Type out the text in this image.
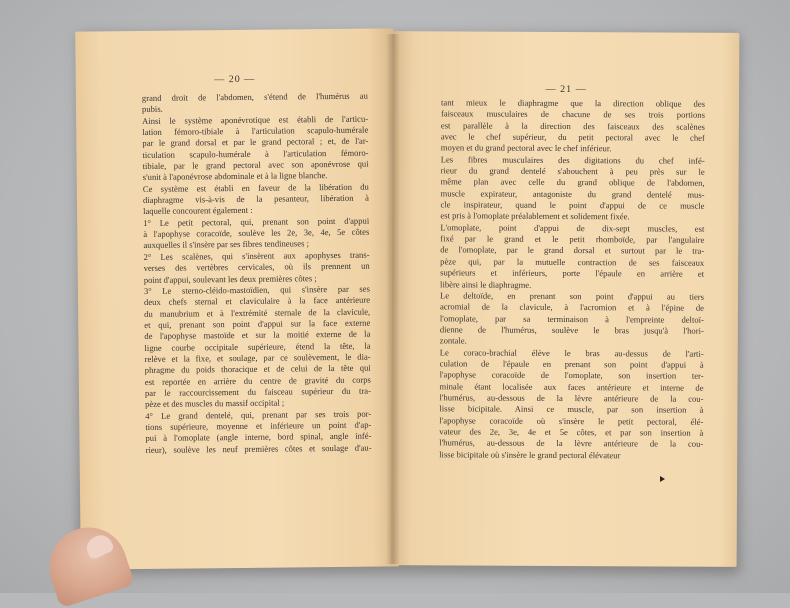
— 20 —
grand droit de l'abdomen, s'étend de l'humérus au
pubis.
Ainsi le système aponévrotique est établi de l'articu-
lation fémoro-tibiale à l'articulation scapulo-humérale
par le grand dorsal et par le grand pectoral ; et, de l'ar-
ticulation scapulo-humérale à l'articulation fémoro-
tibiale, par le grand pectoral avec son aponévrose qui
s'unit à l'aponévrose abdominale et à la ligne blanche.
Ce système est établi en faveur de la libération du
diaphragme vis-à-vis de la pesanteur, libération à
laquelle concourent également :
1° Le petit pectoral, qui, prenant son point d'appui
à l'apophyse coracoïde, soulève les 2e, 3e, 4e, 5e côtes
auxquelles il s'insère par ses fibres tendineuses ;
2° Les scalènes, qui s'insèrent aux apophyses trans-
verses des vertèbres cervicales, où ils prennent un
point d'appui, soulevant les deux premières côtes ;
3° Le sterno-cléido-mastoïdien, qui s'insère par ses
deux chefs sternal et claviculaire à la face antérieure
du manubrium et à l'extrémité sternale de la clavicule,
et qui, prenant son point d'appui sur la face externe
de l'apophyse mastoïde et sur la moitié externe de la
ligne courbe occipitale supérieure, étend la tête, la
relève et la fixe, et soulage, par ce soulèvement, le dia-
phragme du poids thoracique et de celui de la tête qui
est reportée en arrière du centre de gravité du corps
par le raccourcissement du faisceau supérieur du tra-
pèze et des muscles du massif occipital ;
4° Le grand dentelé, qui, prenant par ses trois por-
tions supérieure, moyenne et inférieure un point d'ap-
pui à l'omoplate (angle interne, bord spinal, angle infé-
rieur), soulève les neuf premières côtes et soulage d'au-
— 21 —
tant mieux le diaphragme que la direction oblique des
faisceaux musculaires de chacune de ses trois portions
est parallèle à la direction des faisceaux des scalènes
avec le chef supérieur, du petit pectoral avec le chef
moyen et du grand pectoral avec le chef inférieur.
Les fibres musculaires des digitations du chef infé-
rieur du grand dentelé s'abouchent à peu près sur le
même plan avec celle du grand oblique de l'abdomen,
muscle expirateur, antagoniste du grand dentelé mus-
cle inspirateur, quand le point d'appui de ce muscle
est pris à l'omoplate préalablement et solidement fixée.
L'omoplate, point d'appui de dix-sept muscles, est
fixé par le grand et le petit rhomboïde, par l'angulaire
de l'omoplate, par le grand dorsal et surtout par le tra-
pèze qui, par la mutuelle contraction de ses faisceaux
supérieurs et inférieurs, porte l'épaule en arrière et
libère ainsi le diaphragme.
Le deltoïde, en prenant son point d'appui au tiers
acromial de la clavicule, à l'acromion et à l'épine de
l'omoplate, par sa terminaison à l'empreinte deltoï-
dienne de l'humérus, soulève le bras jusqu'à l'hori-
zontale.
Le coraco-brachial élève le bras au-dessus de l'arti-
culation de l'épaule en prenant son point d'appui à
l'apophyse coracoïde de l'omoplate, son insertion ter-
minale étant localisée aux faces antérieure et interne de
l'humérus, au-dessous de la lèvre antérieure de la cou-
lisse bicipitale. Ainsi ce muscle, par son insertion à
l'apophyse coracoïde où s'insère le petit pectoral, élé-
vateur des 2e, 3e, 4e et 5e côtes, et par son insertion à
l'humérus, au-dessous de la lèvre antérieure de la cou-
lisse bicipitale où s'insère le grand pectoral élévateur
